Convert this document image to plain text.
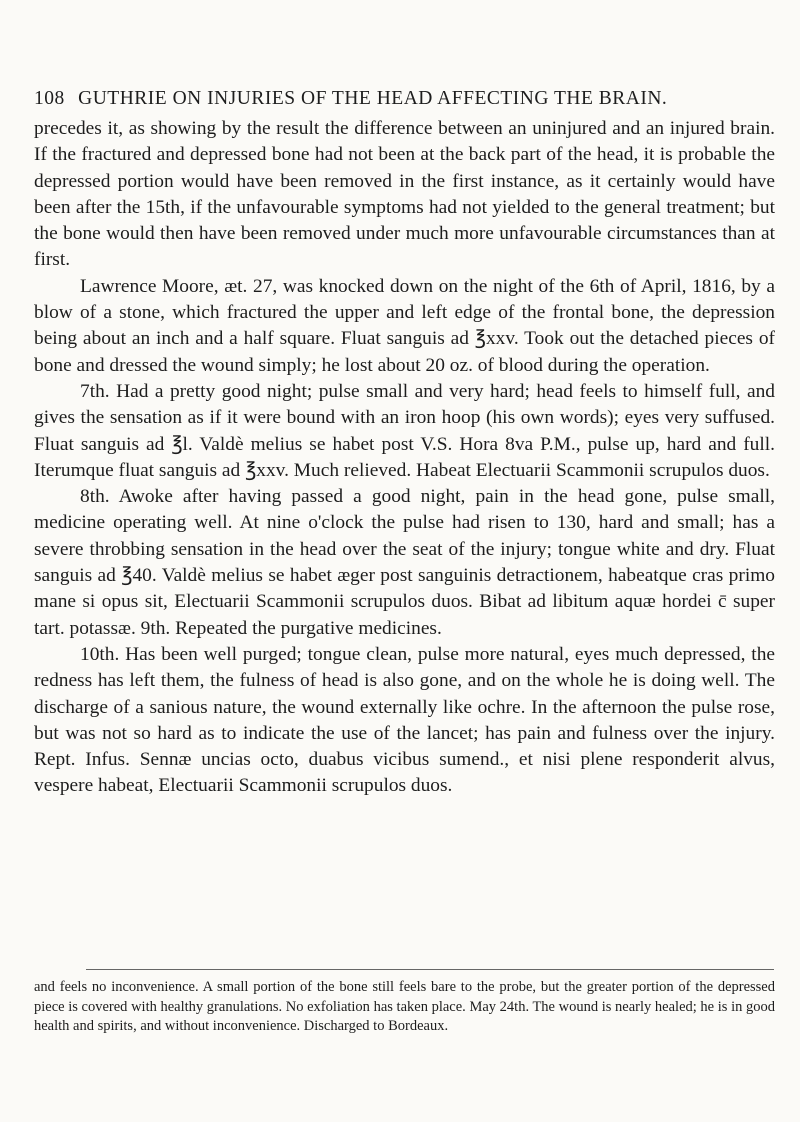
108 GUTHRIE ON INJURIES OF THE HEAD AFFECTING THE BRAIN.

precedes it, as showing by the result the difference between an uninjured and an injured brain. If the fractured and depressed bone had not been at the back part of the head, it is probable the depressed portion would have been removed in the first instance, as it certainly would have been after the 15th, if the unfavourable symptoms had not yielded to the general treatment; but the bone would then have been removed under much more unfavourable circumstances than at first.

Lawrence Moore, æt. 27, was knocked down on the night of the 6th of April, 1816, by a blow of a stone, which fractured the upper and left edge of the frontal bone, the depression being about an inch and a half square. Fluat sanguis ad ℥xxv. Took out the detached pieces of bone and dressed the wound simply; he lost about 20 oz. of blood during the operation.

7th. Had a pretty good night; pulse small and very hard; head feels to himself full, and gives the sensation as if it were bound with an iron hoop (his own words); eyes very suffused. Fluat sanguis ad ℥l. Valdè melius se habet post V.S. Hora 8va P.M., pulse up, hard and full. Iterumque fluat sanguis ad ℥xxv. Much relieved. Habeat Electuarii Scammonii scrupulos duos.

8th. Awoke after having passed a good night, pain in the head gone, pulse small, medicine operating well. At nine o'clock the pulse had risen to 130, hard and small; has a severe throbbing sensation in the head over the seat of the injury; tongue white and dry. Fluat sanguis ad ℥40. Valdè melius se habet æger post sanguinis detractionem, habeatque cras primo mane si opus sit, Electuarii Scammonii scrupulos duos. Bibat ad libitum aquæ hordei c̄ super tart. potassæ. 9th. Repeated the purgative medicines.

10th. Has been well purged; tongue clean, pulse more natural, eyes much depressed, the redness has left them, the fulness of head is also gone, and on the whole he is doing well. The discharge of a sanious nature, the wound externally like ochre. In the afternoon the pulse rose, but was not so hard as to indicate the use of the lancet; has pain and fulness over the injury. Rept. Infus. Sennæ uncias octo, duabus vicibus sumend., et nisi plene responderit alvus, vespere habeat, Electuarii Scammonii scrupulos duos.

and feels no inconvenience. A small portion of the bone still feels bare to the probe, but the greater portion of the depressed piece is covered with healthy granulations. No exfoliation has taken place. May 24th. The wound is nearly healed; he is in good health and spirits, and without inconvenience. Discharged to Bordeaux.
